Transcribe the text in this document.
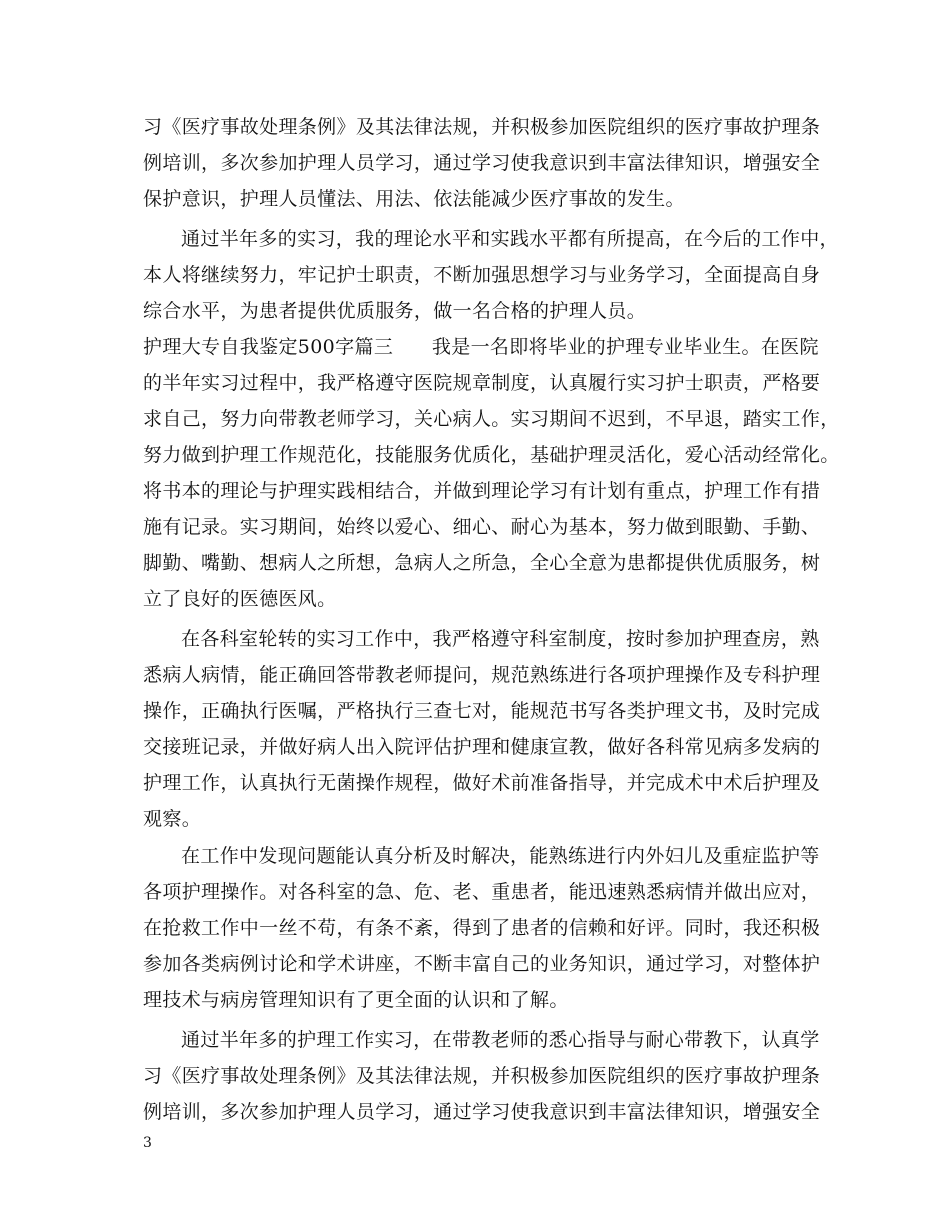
习《医疗事故处理条例》及其法律法规，并积极参加医院组织的医疗事故护理条
例培训，多次参加护理人员学习，通过学习使我意识到丰富法律知识，增强安全
保护意识，护理人员懂法、用法、依法能减少医疗事故的发生。
通过半年多的实习，我的理论水平和实践水平都有所提高，在今后的工作中，
本人将继续努力，牢记护士职责，不断加强思想学习与业务学习，全面提高自身
综合水平，为患者提供优质服务，做一名合格的护理人员。
护理大专自我鉴定500字篇三　　我是一名即将毕业的护理专业毕业生。在医院
的半年实习过程中，我严格遵守医院规章制度，认真履行实习护士职责，严格要
求自己，努力向带教老师学习，关心病人。实习期间不迟到，不早退，踏实工作，
努力做到护理工作规范化，技能服务优质化，基础护理灵活化，爱心活动经常化。
将书本的理论与护理实践相结合，并做到理论学习有计划有重点，护理工作有措
施有记录。实习期间，始终以爱心、细心、耐心为基本，努力做到眼勤、手勤、
脚勤、嘴勤、想病人之所想，急病人之所急，全心全意为患都提供优质服务，树
立了良好的医德医风。
在各科室轮转的实习工作中，我严格遵守科室制度，按时参加护理查房，熟
悉病人病情，能正确回答带教老师提问，规范熟练进行各项护理操作及专科护理
操作，正确执行医嘱，严格执行三查七对，能规范书写各类护理文书，及时完成
交接班记录，并做好病人出入院评估护理和健康宣教，做好各科常见病多发病的
护理工作，认真执行无菌操作规程，做好术前准备指导，并完成术中术后护理及
观察。
在工作中发现问题能认真分析及时解决，能熟练进行内外妇儿及重症监护等
各项护理操作。对各科室的急、危、老、重患者，能迅速熟悉病情并做出应对，
在抢救工作中一丝不苟，有条不紊，得到了患者的信赖和好评。同时，我还积极
参加各类病例讨论和学术讲座，不断丰富自己的业务知识，通过学习，对整体护
理技术与病房管理知识有了更全面的认识和了解。
通过半年多的护理工作实习，在带教老师的悉心指导与耐心带教下，认真学
习《医疗事故处理条例》及其法律法规，并积极参加医院组织的医疗事故护理条
例培训，多次参加护理人员学习，通过学习使我意识到丰富法律知识，增强安全
3
